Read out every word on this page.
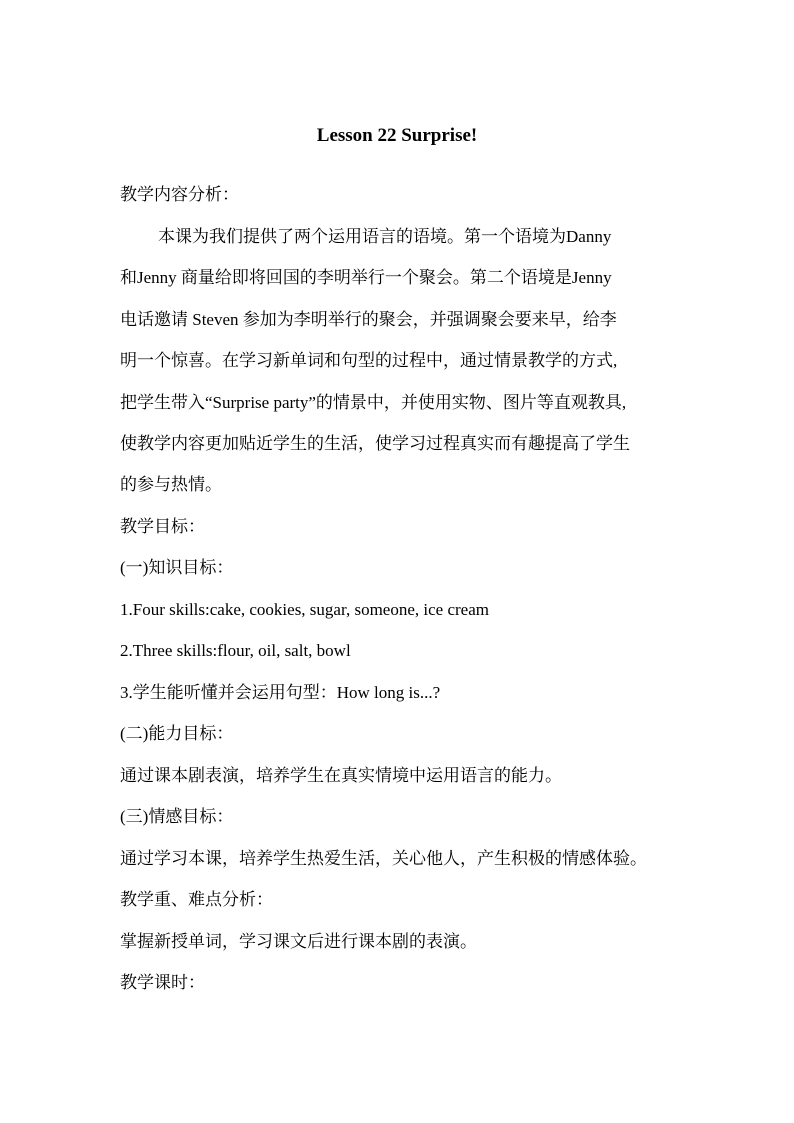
Lesson 22 Surprise!
教学内容分析：
本课为我们提供了两个运用语言的语境。第一个语境为Danny
和Jenny 商量给即将回国的李明举行一个聚会。第二个语境是Jenny
电话邀请 Steven 参加为李明举行的聚会，并强调聚会要来早，给李
明一个惊喜。在学习新单词和句型的过程中，通过情景教学的方式,
把学生带入“Surprise party”的情景中，并使用实物、图片等直观教具,
使教学内容更加贴近学生的生活，使学习过程真实而有趣提高了学生
的参与热情。
教学目标：
(一)知识目标：
1.Four skills:cake, cookies, sugar, someone, ice cream
2.Three skills:flour, oil, salt, bowl
3.学生能听懂并会运用句型：How long is...?
(二)能力目标：
通过课本剧表演，培养学生在真实情境中运用语言的能力。
(三)情感目标：
通过学习本课，培养学生热爱生活，关心他人，产生积极的情感体验。
教学重、难点分析：
掌握新授单词，学习课文后进行课本剧的表演。
教学课时：
